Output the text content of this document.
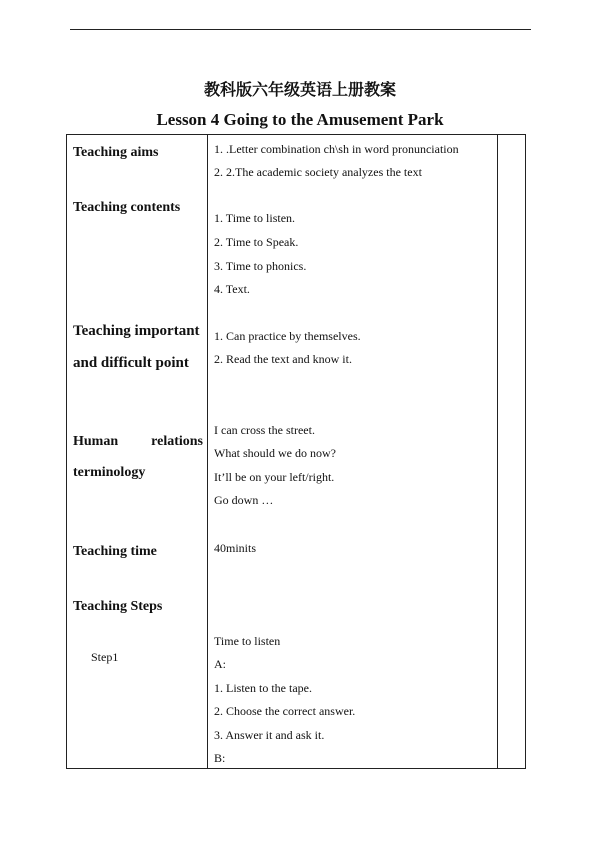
教科版六年级英语上册教案
Lesson 4 Going to the Amusement Park
Teaching aims	1. .Letter combination ch\sh in word pronunciation
2. 2.The academic society analyzes the text
Teaching contents
1. Time to listen.
2. Time to Speak.
3. Time to phonics.
4. Text.
Teaching important
and difficult point
1. Can practice by themselves.
2. Read the text and know it.
Human relations
terminology
I can cross the street.
What should we do now?
It’ll be on your left/right.
Go down …
Teaching time	40minits
Teaching Steps
Step1
Time to listen
A:
1. Listen to the tape.
2. Choose the correct answer.
3. Answer it and ask it.
B:
